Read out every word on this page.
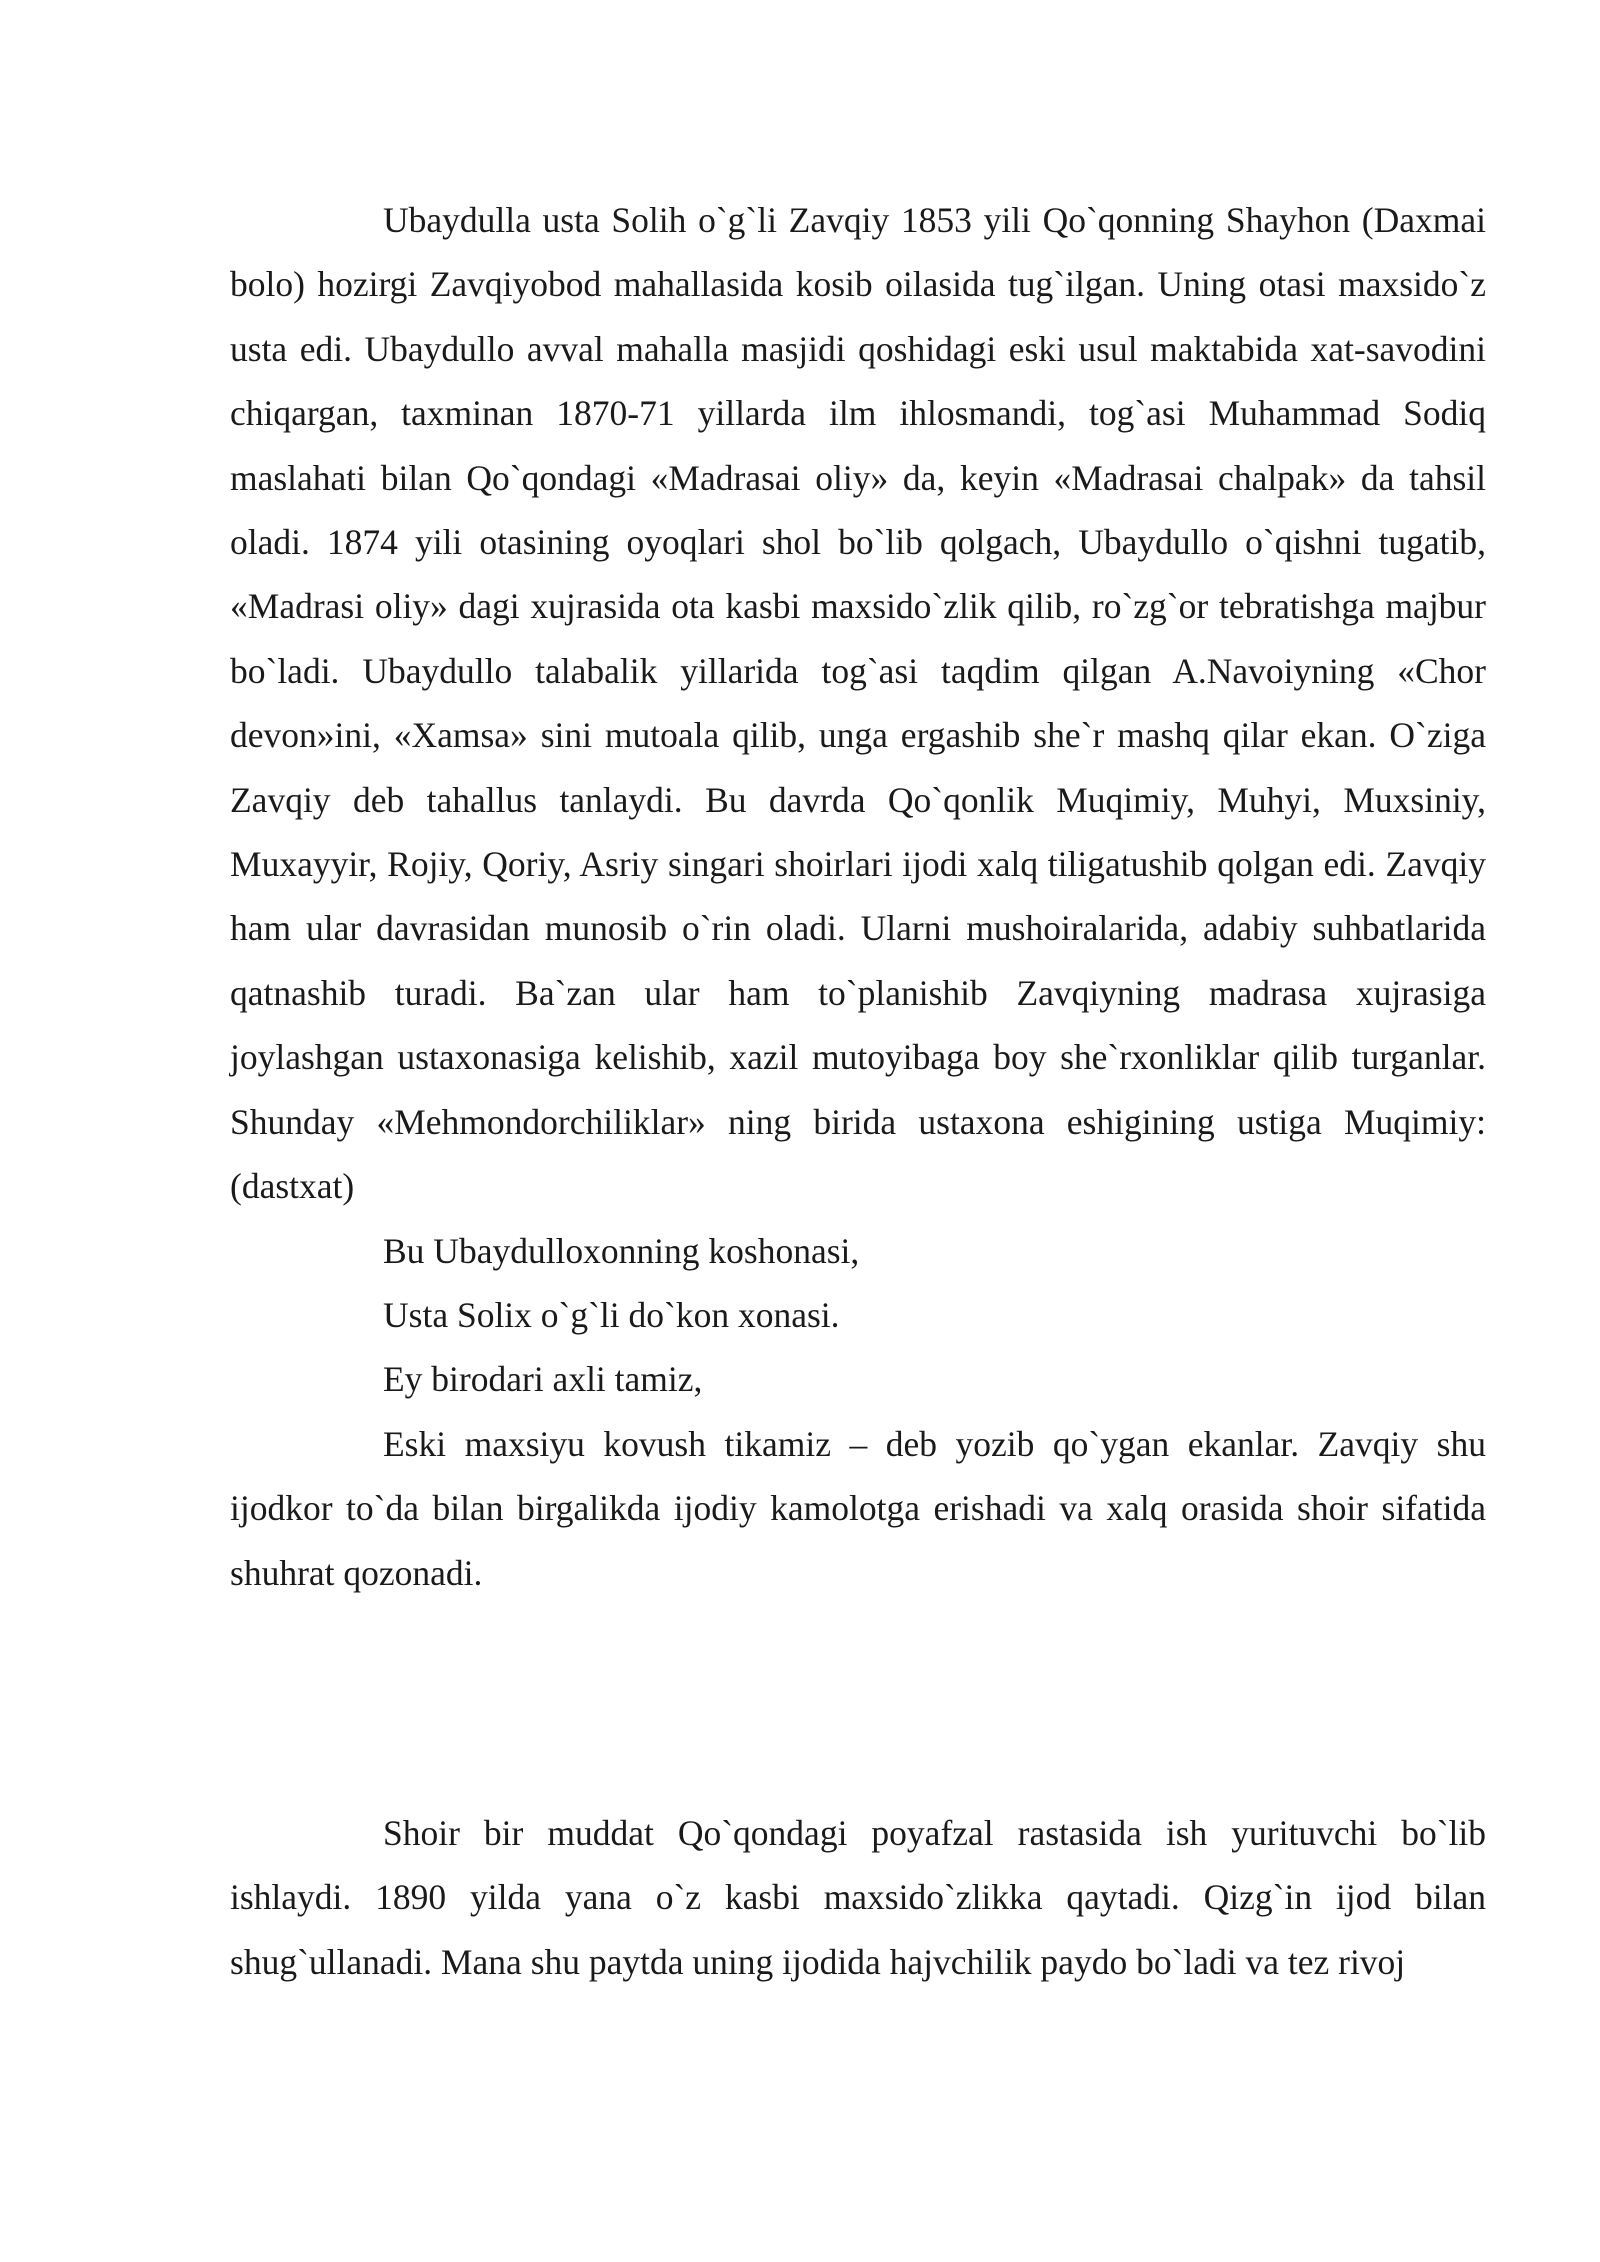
Ubaydulla usta Solih o`g`li Zavqiy 1853 yili Qo`qonning Shayhon (Daxmai bolo) hozirgi Zavqiyobod mahallasida kosib oilasida tug`ilgan. Uning otasi maxsido`z usta edi. Ubaydullo avval mahalla masjidi qoshidagi eski usul maktabida xat-savodini chiqargan, taxminan 1870-71 yillarda ilm ihlosmandi, tog`asi Muhammad Sodiq maslahati bilan Qo`qondagi «Madrasai oliy» da, keyin «Madrasai chalpak» da tahsil oladi. 1874 yili otasining oyoqlari shol bo`lib qolgach, Ubaydullo o`qishni tugatib, «Madrasi oliy» dagi xujrasida ota kasbi maxsido`zlik qilib, ro`zg`or tebratishga majbur bo`ladi. Ubaydullo talabalik yillarida tog`asi taqdim qilgan A.Navoiyning «Chor devon»ini, «Xamsa» sini mutoala qilib, unga ergashib she`r mashq qilar ekan. O`ziga Zavqiy deb tahallus tanlaydi. Bu davrda Qo`qonlik Muqimiy, Muhyi, Muxsiniy, Muxayyir, Rojiy, Qoriy, Asriy singari shoirlari ijodi xalq tiligatushib qolgan edi. Zavqiy ham ular davrasidan munosib o`rin oladi. Ularni mushoiralarida, adabiy suhbatlarida qatnashib turadi. Ba`zan ular ham to`planishib Zavqiyning madrasa xujrasiga joylashgan ustaxonasiga kelishib, xazil mutoyibaga boy she`rxonliklar qilib turganlar. Shunday «Mehmondorchiliklar» ning birida ustaxona eshigining ustiga Muqimiy: (dastxat)

Bu Ubaydulloxonning koshonasi,
Usta Solix o`g`li do`kon xonasi.
Ey birodari axli tamiz,

Eski maxsiyu kovush tikamiz – deb yozib qo`ygan ekanlar. Zavqiy shu ijodkor to`da bilan birgalikda ijodiy kamolotga erishadi va xalq orasida shoir sifatida shuhrat qozonadi.

Shoir bir muddat Qo`qondagi poyafzal rastasida ish yurituvchi bo`lib ishlaydi. 1890 yilda yana o`z kasbi maxsido`zlikka qaytadi. Qizg`in ijod bilan shug`ullanadi. Mana shu paytda uning ijodida hajvchilik paydo bo`ladi va tez rivoj
